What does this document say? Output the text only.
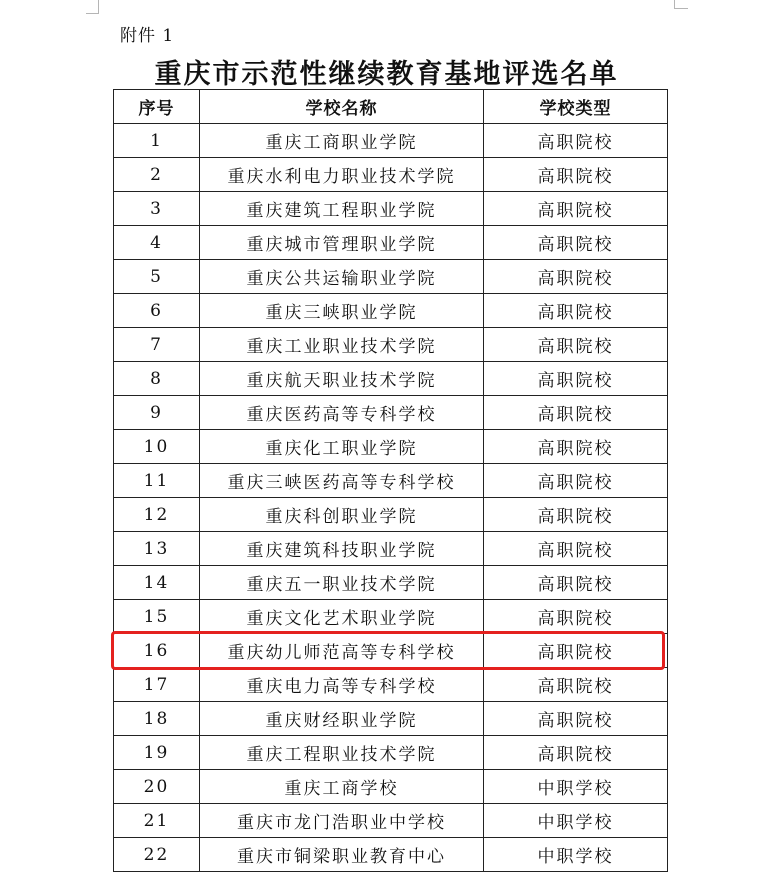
附件 1
重庆市示范性继续教育基地评选名单
序号	学校名称	学校类型
1	重庆工商职业学院	高职院校
2	重庆水利电力职业技术学院	高职院校
3	重庆建筑工程职业学院	高职院校
4	重庆城市管理职业学院	高职院校
5	重庆公共运输职业学院	高职院校
6	重庆三峡职业学院	高职院校
7	重庆工业职业技术学院	高职院校
8	重庆航天职业技术学院	高职院校
9	重庆医药高等专科学校	高职院校
10	重庆化工职业学院	高职院校
11	重庆三峡医药高等专科学校	高职院校
12	重庆科创职业学院	高职院校
13	重庆建筑科技职业学院	高职院校
14	重庆五一职业技术学院	高职院校
15	重庆文化艺术职业学院	高职院校
16	重庆幼儿师范高等专科学校	高职院校
17	重庆电力高等专科学校	高职院校
18	重庆财经职业学院	高职院校
19	重庆工程职业技术学院	高职院校
20	重庆工商学校	中职学校
21	重庆市龙门浩职业中学校	中职学校
22	重庆市铜梁职业教育中心	中职学校
